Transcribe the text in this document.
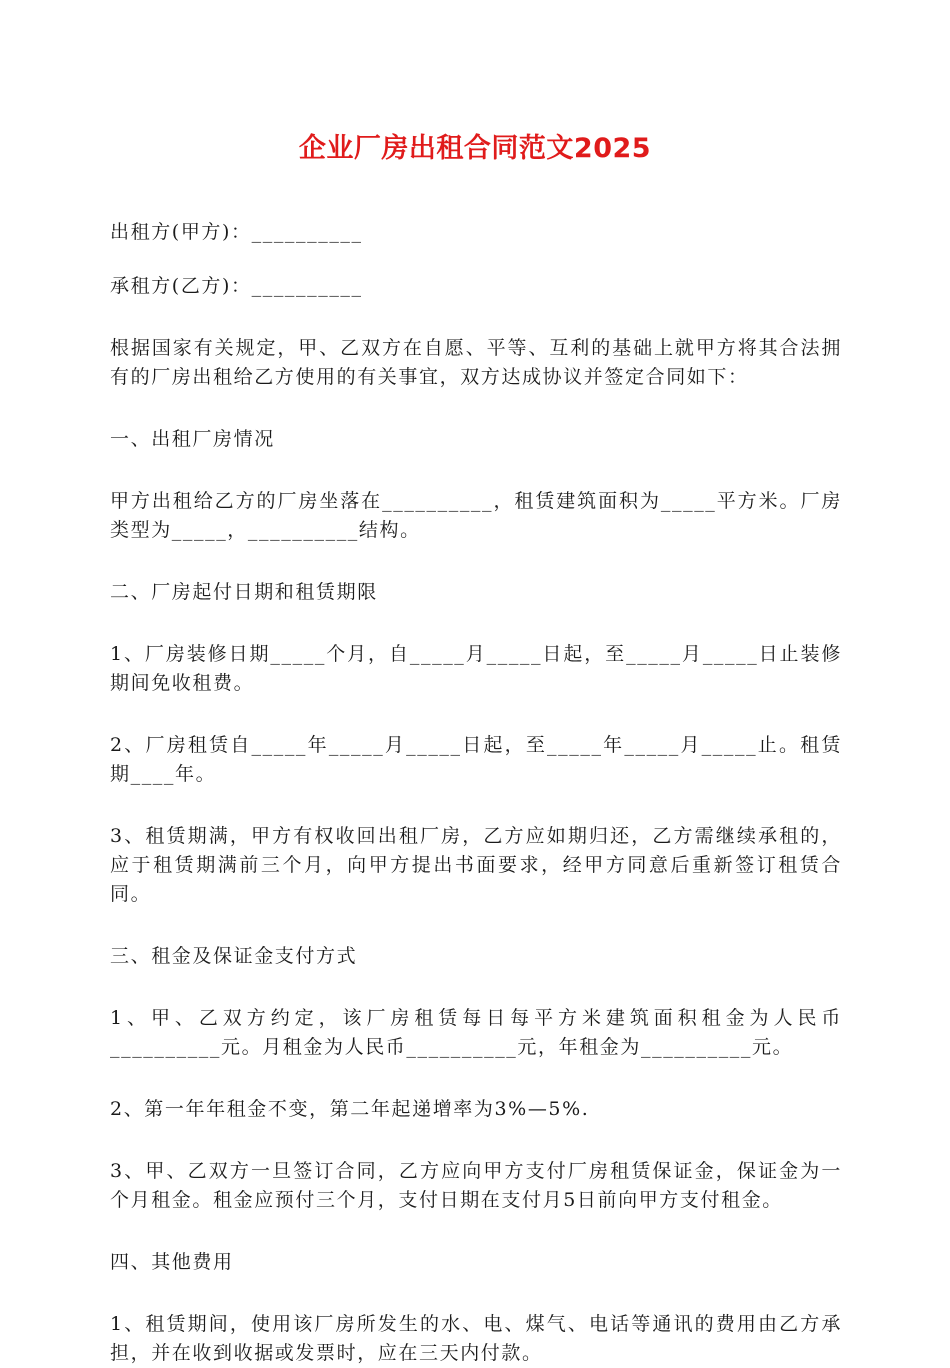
企业厂房出租合同范文2025

出租方(甲方)：__________

承租方(乙方)：__________

根据国家有关规定，甲、乙双方在自愿、平等、互利的基础上就甲方将其合法拥有的厂房出租给乙方使用的有关事宜，双方达成协议并签定合同如下：

一、出租厂房情况

甲方出租给乙方的厂房坐落在__________，租赁建筑面积为_____平方米。厂房类型为_____，__________结构。

二、厂房起付日期和租赁期限

1、厂房装修日期_____个月，自_____月_____日起，至_____月_____日止装修期间免收租费。

2、厂房租赁自_____年_____月_____日起，至_____年_____月_____止。租赁期____年。

3、租赁期满，甲方有权收回出租厂房，乙方应如期归还，乙方需继续承租的，应于租赁期满前三个月，向甲方提出书面要求，经甲方同意后重新签订租赁合同。

三、租金及保证金支付方式

1、甲、乙双方约定，该厂房租赁每日每平方米建筑面积租金为人民币__________元。月租金为人民币__________元，年租金为__________元。

2、第一年年租金不变，第二年起递增率为3%—5%.

3、甲、乙双方一旦签订合同，乙方应向甲方支付厂房租赁保证金，保证金为一个月租金。租金应预付三个月，支付日期在支付月5日前向甲方支付租金。

四、其他费用

1、租赁期间，使用该厂房所发生的水、电、煤气、电话等通讯的费用由乙方承担，并在收到收据或发票时，应在三天内付款。
